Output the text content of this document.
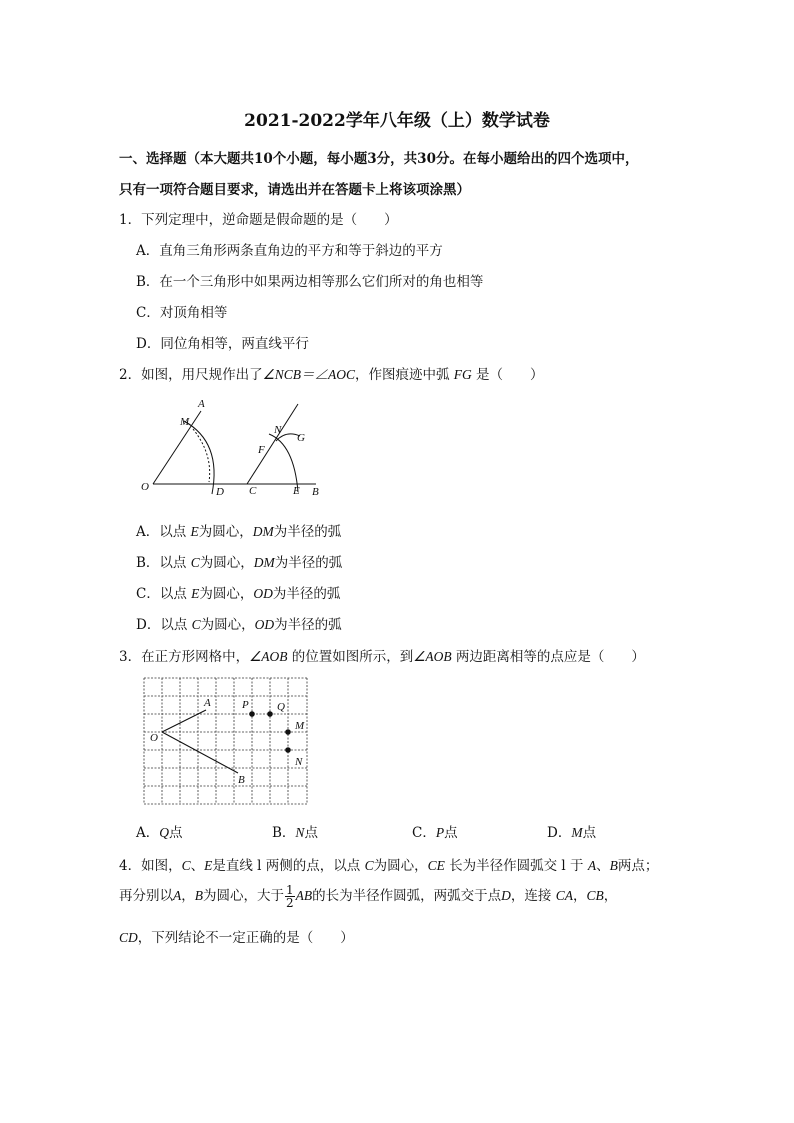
2021-2022学年八年级（上）数学试卷
一、选择题（本大题共10个小题，每小题3分，共30分。在每小题给出的四个选项中，
只有一项符合题目要求，请选出并在答题卡上将该项涂黑）
1．下列定理中，逆命题是假命题的是（　　）
A．直角三角形两条直角边的平方和等于斜边的平方
B．在一个三角形中如果两边相等那么它们所对的角也相等
C．对顶角相等
D．同位角相等，两直线平行
2．如图，用尺规作出了∠NCB＝∠AOC，作图痕迹中弧 FG 是（　　）
A
M
O	D C
F
N
G
E B
A．以点 E为圆心，DM为半径的弧
B．以点 C为圆心，DM为半径的弧
C．以点 E为圆心，OD为半径的弧
D．以点 C为圆心，OD为半径的弧
3．在正方形网格中，∠AOB 的位置如图所示，到∠AOB 两边距离相等的点应是（　　）
O
A
B
P	Q
M
N
A．Q点	B．N点	C．P点	D．M点
4．如图，C、E是直线 l 两侧的点，以点 C为圆心，CE 长为半径作圆弧交 l 于 A、B两点；
再分别以A，B为圆心，大于 $\frac{1}{2}$ AB的长为半径作圆弧，两弧交于点D，连接 CA，CB，
CD，下列结论不一定正确的是（　　）
